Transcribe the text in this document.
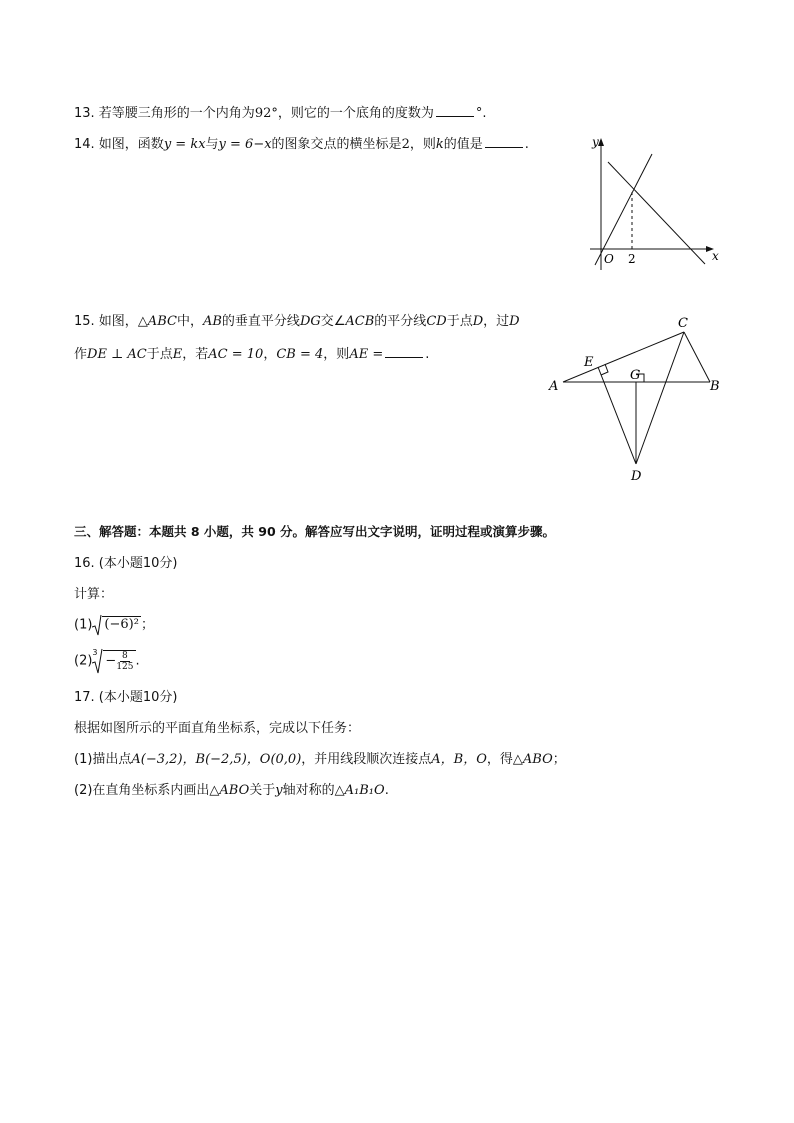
13. 若等腰三角形的一个内角为92°，则它的一个底角的度数为	°.
14. 如图，函数y = kx与y = 6−x的图象交点的横坐标是2，则k的值是	.	y
x
O 2
15. 如图，△ABC中，AB的垂直平分线DG交∠ACB的平分线CD于点D，过D
作DE ⊥ AC于点E，若AC = 10，CB = 4，则AE =	.
A	B
C
D
E
G
三、解答题：本题共 8 小题，共 90 分。解答应写出文字说明，证明过程或演算步骤。
16. (本小题10分)
计算：
(1) (−6)² ；
(2)
3
− $\frac{8}{125}$ .
17. (本小题10分)
根据如图所示的平面直角坐标系，完成以下任务：
(1)描出点A(−3,2)，B(−2,5)，O(0,0)，并用线段顺次连接点A，B，O，得△ABO；
(2)在直角坐标系内画出△ABO关于y轴对称的△A₁B₁O.
